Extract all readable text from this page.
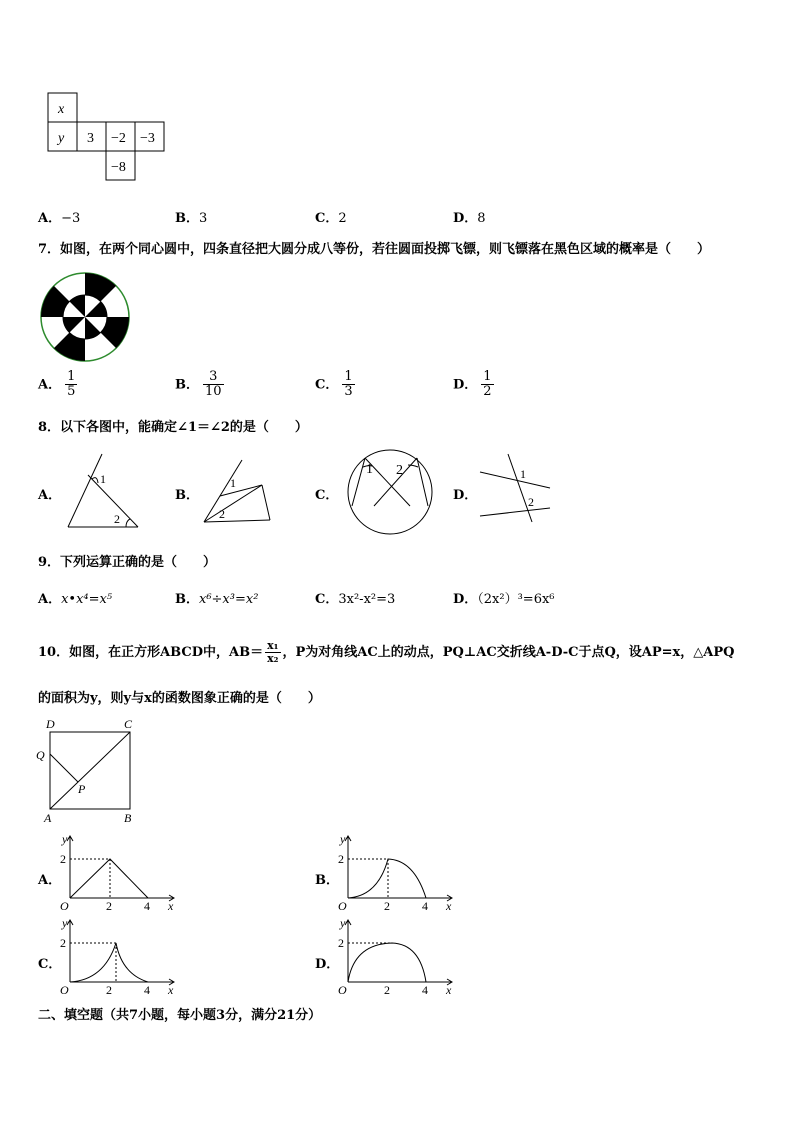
x
y 3 −2 −3
−8
A．−3	B．3	C．2	D．8
7．如图，在两个同心圆中，四条直径把大圆分成八等份，若往圆面投掷飞镖，则飞镖落在黑色区域的概率是（　　）
A． $\frac{1}{5}$	B． $\frac{3}{10}$	C． $\frac{1}{3}$	D． $\frac{1}{2}$
8．以下各图中，能确定∠1＝∠2的是（　　）
A．
1
2
B．
1
2
C．
1 2
D．
1
2
9．下列运算正确的是（　　）
A．x•x⁴=x⁵	B．x⁶÷x³=x²	C．3x²-x²=3	D．（2x²）³=6x⁶
10．如图，在正方形ABCD中，$AB= \frac{\text{x₁}}{\text{x₂}}$ ，P为对角线AC上的动点，PQ⊥AC交折线A-D-C于点Q，设AP=x，△APQ
的面积为y，则y与x的函数图象正确的是（　　）
D	C
Q
P
A	B
A．
y
2
O	2	4 x
B．
y
2
O	2	4 x
C．
y
2
O	2	4 x
D．
y
2
O	2	4 x
二、填空题（共7小题，每小题3分，满分21分）
